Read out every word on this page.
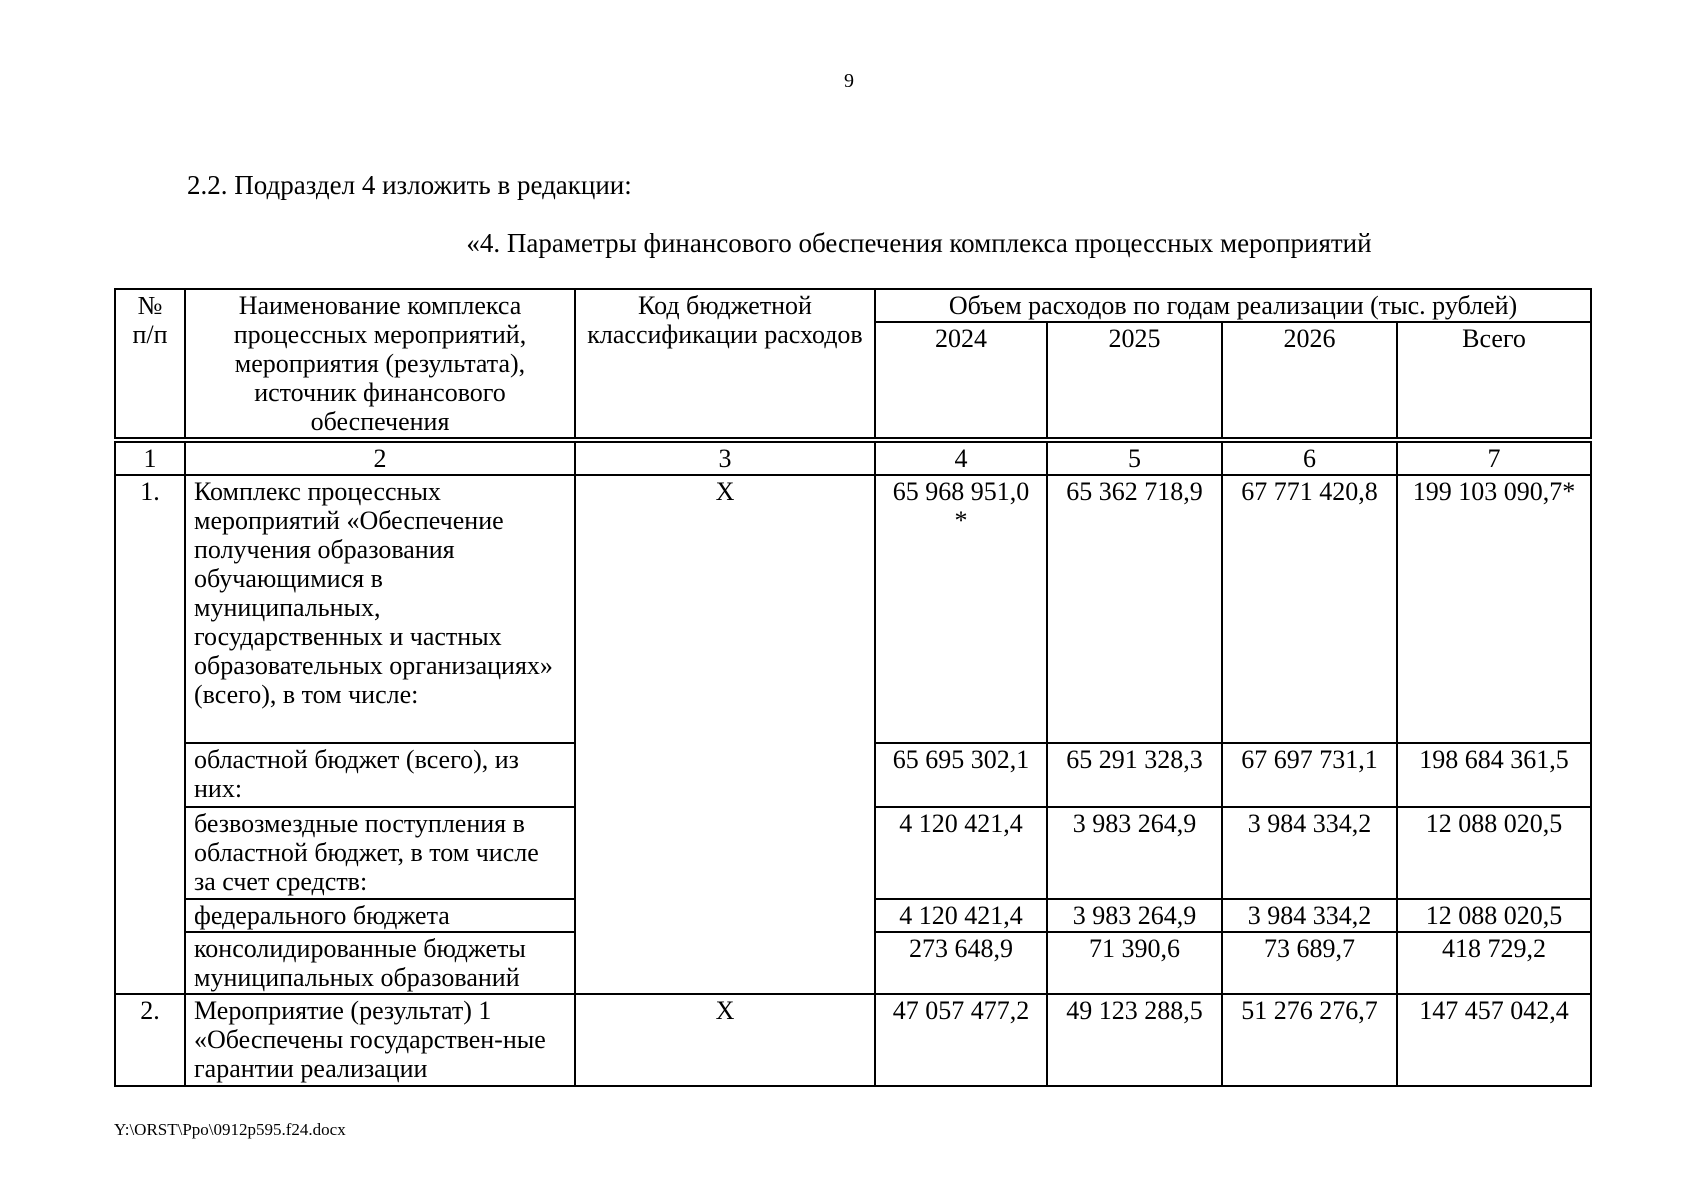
9
2.2. Подраздел 4 изложить в редакции:
«4. Параметры финансового обеспечения комплекса процессных мероприятий
№ п/п	Наименование комплекса процессных мероприятий, мероприятия (результата), источник финансового обеспечения	Код бюджетной классификации расходов	Объем расходов по годам реализации (тыс. рублей)			
			2024	2025	2026	Всего
1	2	3	4	5	6	7
1.	Комплекс процессных мероприятий «Обеспечение получения образования обучающимися в муниципальных, государственных и частных образовательных организациях» (всего), в том числе:	Х	65 968 951,0 *	65 362 718,9	67 771 420,8	199 103 090,7*
	областной бюджет (всего), из них:		65 695 302,1	65 291 328,3	67 697 731,1	198 684 361,5
	безвозмездные поступления в областной бюджет, в том числе за счет средств:		4 120 421,4	3 983 264,9	3 984 334,2	12 088 020,5
	федерального бюджета		4 120 421,4	3 983 264,9	3 984 334,2	12 088 020,5
	консолидированные бюджеты муниципальных образований		273 648,9	71 390,6	73 689,7	418 729,2
2.	Мероприятие (результат) 1 «Обеспечены государствен-ные гарантии реализации	Х	47 057 477,2	49 123 288,5	51 276 276,7	147 457 042,4
Y:\ORST\Ppo\0912p595.f24.docx
